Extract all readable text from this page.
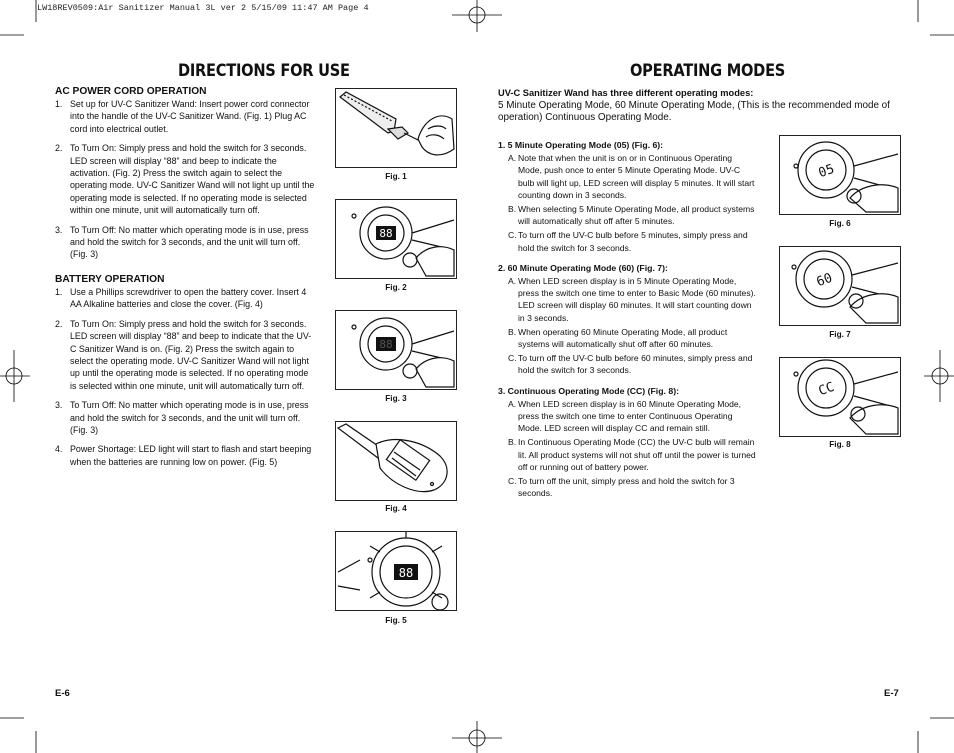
LW18REV0509:Air Sanitizer Manual 3L ver 2 5/15/09 11:47 AM Page 4
DIRECTIONS FOR USE
AC POWER CORD OPERATION
1. Set up for UV-C Sanitizer Wand: Insert power cord connector into the handle of the UV-C Sanitizer Wand. (Fig. 1) Plug AC cord into electrical outlet.
2. To Turn On: Simply press and hold the switch for 3 seconds. LED screen will display “88” and beep to indicate the activation. (Fig. 2) Press the switch again to select the operating mode. UV-C Sanitizer Wand will not light up until the operating mode is selected. If no operating mode is selected within one minute, unit will automatically turn off.
3. To Turn Off: No matter which operating mode is in use, press and hold the switch for 3 seconds, and the unit will turn off. (Fig. 3)
BATTERY OPERATION
1. Use a Phillips screwdriver to open the battery cover. Insert 4 AA Alkaline batteries and close the cover. (Fig. 4)
2. To Turn On: Simply press and hold the switch for 3 seconds. LED screen will display “88” and beep to indicate that the UV-C Sanitizer Wand is on. (Fig. 2) Press the switch again to select the operating mode. UV-C Sanitizer Wand will not light up until the operating mode is selected. If no operating mode is selected within one minute, unit will automatically turn off.
3. To Turn Off: No matter which operating mode is in use, press and hold the switch for 3 seconds, and the unit will turn off. (Fig. 3)
4. Power Shortage: LED light will start to flash and start beeping when the batteries are running low on power. (Fig. 5)
Fig. 1
88
Fig. 2
88
Fig. 3
Fig. 4
88
Fig. 5
E-6
OPERATING MODES
UV-C Sanitizer Wand has three different operating modes:
5 Minute Operating Mode, 60 Minute Operating Mode, (This is the recommended mode of operation) Continuous Operating Mode.
1. 5 Minute Operating Mode (05) (Fig. 6):
A. Note that when the unit is on or in Continuous Operating Mode, push once to enter 5 Minute Operating Mode. UV-C bulb will light up, LED screen will display 5 minutes. It will start counting down in 3 seconds.
B. When selecting 5 Minute Operating Mode, all product systems will automatically shut off after 5 minutes.
C. To turn off the UV-C bulb before 5 minutes, simply press and hold the switch for 3 seconds.
2. 60 Minute Operating Mode (60) (Fig. 7):
A. When LED screen display is in 5 Minute Operating Mode, press the switch one time to enter to Basic Mode (60 minutes). LED screen will display 60 minutes. It will start counting down in 3 seconds.
B. When operating 60 Minute Operating Mode, all product systems will automatically shut off after 60 minutes.
C. To turn off the UV-C bulb before 60 minutes, simply press and hold the switch for 3 seconds.
3. Continuous Operating Mode (CC) (Fig. 8):
A. When LED screen display is in 60 Minute Operating Mode, press the switch one time to enter Continuous Operating Mode. LED screen will display CC and remain still.
B. In Continuous Operating Mode (CC) the UV-C bulb will remain lit. All product systems will not shut off until the power is turned off or running out of battery power.
C. To turn off the unit, simply press and hold the switch for 3 seconds.
05
Fig. 6
60
Fig. 7
CC
Fig. 8
E-7
